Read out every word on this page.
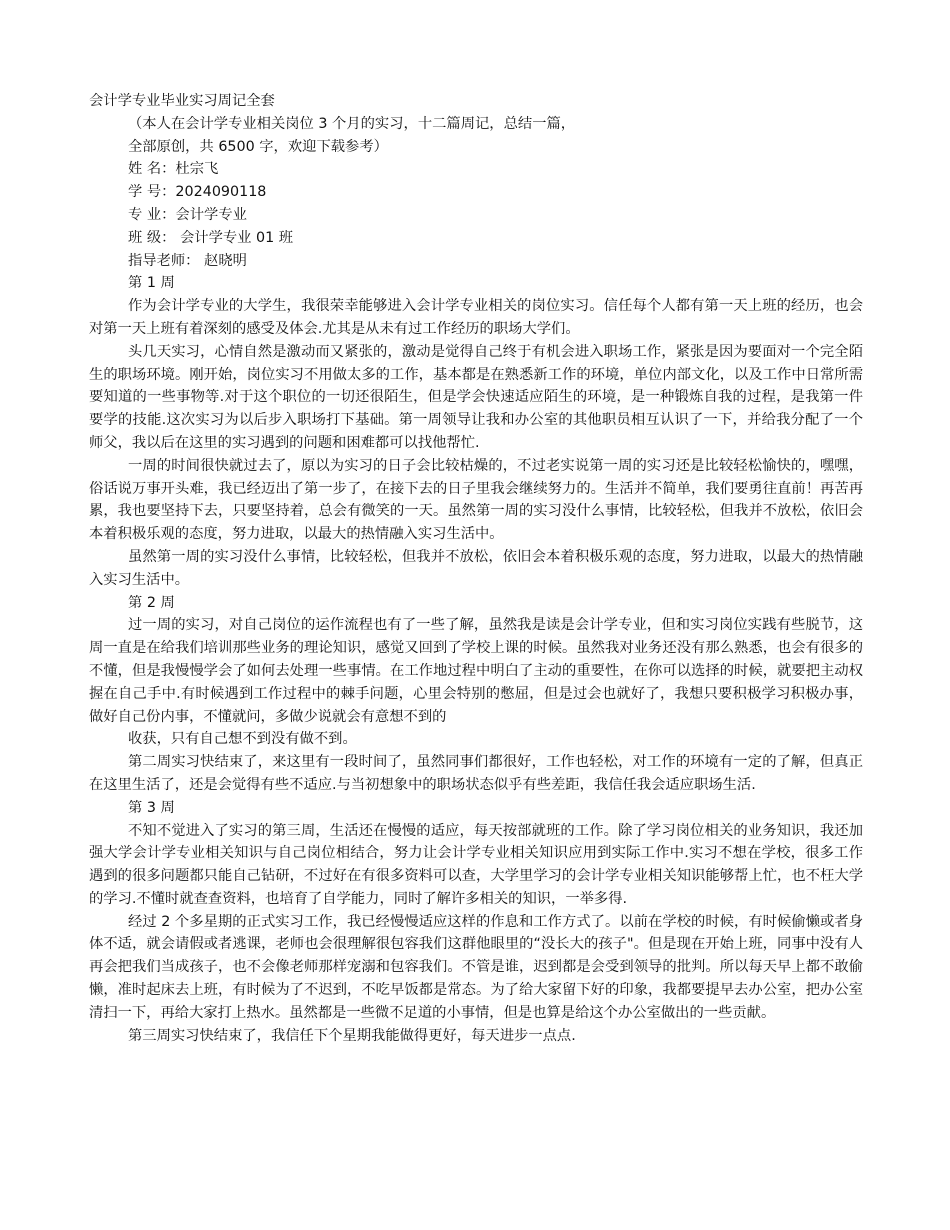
会计学专业毕业实习周记全套

（本人在会计学专业相关岗位 3 个月的实习，十二篇周记，总结一篇，

全部原创，共 6500 字，欢迎下载参考）

姓 名：杜宗飞

学 号：2024090118

专 业：会计学专业

班 级： 会计学专业 01 班

指导老师： 赵晓明

第 1 周

作为会计学专业的大学生，我很荣幸能够进入会计学专业相关的岗位实习。信任每个人都有第一天上班的经历，也会对第一天上班有着深刻的感受及体会.尤其是从未有过工作经历的职场大学们。

头几天实习，心情自然是激动而又紧张的，激动是觉得自己终于有机会进入职场工作，紧张是因为要面对一个完全陌生的职场环境。刚开始，岗位实习不用做太多的工作，基本都是在熟悉新工作的环境，单位内部文化，以及工作中日常所需要知道的一些事物等.对于这个职位的一切还很陌生，但是学会快速适应陌生的环境，是一种锻炼自我的过程，是我第一件要学的技能.这次实习为以后步入职场打下基础。第一周领导让我和办公室的其他职员相互认识了一下，并给我分配了一个师父，我以后在这里的实习遇到的问题和困难都可以找他帮忙.

一周的时间很快就过去了，原以为实习的日子会比较枯燥的，不过老实说第一周的实习还是比较轻松愉快的，嘿嘿，俗话说万事开头难，我已经迈出了第一步了，在接下去的日子里我会继续努力的。生活并不简单，我们要勇往直前！再苦再累，我也要坚持下去，只要坚持着，总会有微笑的一天。虽然第一周的实习没什么事情，比较轻松，但我并不放松，依旧会本着积极乐观的态度，努力进取，以最大的热情融入实习生活中。

虽然第一周的实习没什么事情，比较轻松，但我并不放松，依旧会本着积极乐观的态度，努力进取，以最大的热情融入实习生活中。

第 2 周

过一周的实习，对自己岗位的运作流程也有了一些了解，虽然我是读是会计学专业，但和实习岗位实践有些脱节，这周一直是在给我们培训那些业务的理论知识，感觉又回到了学校上课的时候。虽然我对业务还没有那么熟悉，也会有很多的不懂，但是我慢慢学会了如何去处理一些事情。在工作地过程中明白了主动的重要性，在你可以选择的时候，就要把主动权握在自己手中.有时候遇到工作过程中的棘手问题，心里会特别的憋屈，但是过会也就好了，我想只要积极学习积极办事，做好自己份内事，不懂就问，多做少说就会有意想不到的

收获，只有自己想不到没有做不到。

第二周实习快结束了，来这里有一段时间了，虽然同事们都很好，工作也轻松，对工作的环境有一定的了解，但真正在这里生活了，还是会觉得有些不适应.与当初想象中的职场状态似乎有些差距，我信任我会适应职场生活.

第 3 周

不知不觉进入了实习的第三周，生活还在慢慢的适应，每天按部就班的工作。除了学习岗位相关的业务知识，我还加强大学会计学专业相关知识与自己岗位相结合，努力让会计学专业相关知识应用到实际工作中.实习不想在学校，很多工作遇到的很多问题都只能自己钻研，不过好在有很多资料可以查，大学里学习的会计学专业相关知识能够帮上忙，也不枉大学的学习.不懂时就查查资料，也培育了自学能力，同时了解许多相关的知识，一举多得.

经过 2 个多星期的正式实习工作，我已经慢慢适应这样的作息和工作方式了。以前在学校的时候，有时候偷懒或者身体不适，就会请假或者逃课，老师也会很理解很包容我们这群他眼里的“没长大的孩子"。但是现在开始上班，同事中没有人再会把我们当成孩子，也不会像老师那样宠溺和包容我们。不管是谁，迟到都是会受到领导的批判。所以每天早上都不敢偷懒，准时起床去上班，有时候为了不迟到，不吃早饭都是常态。为了给大家留下好的印象，我都要提早去办公室，把办公室清扫一下，再给大家打上热水。虽然都是一些微不足道的小事情，但是也算是给这个办公室做出的一些贡献。

第三周实习快结束了，我信任下个星期我能做得更好，每天进步一点点.
